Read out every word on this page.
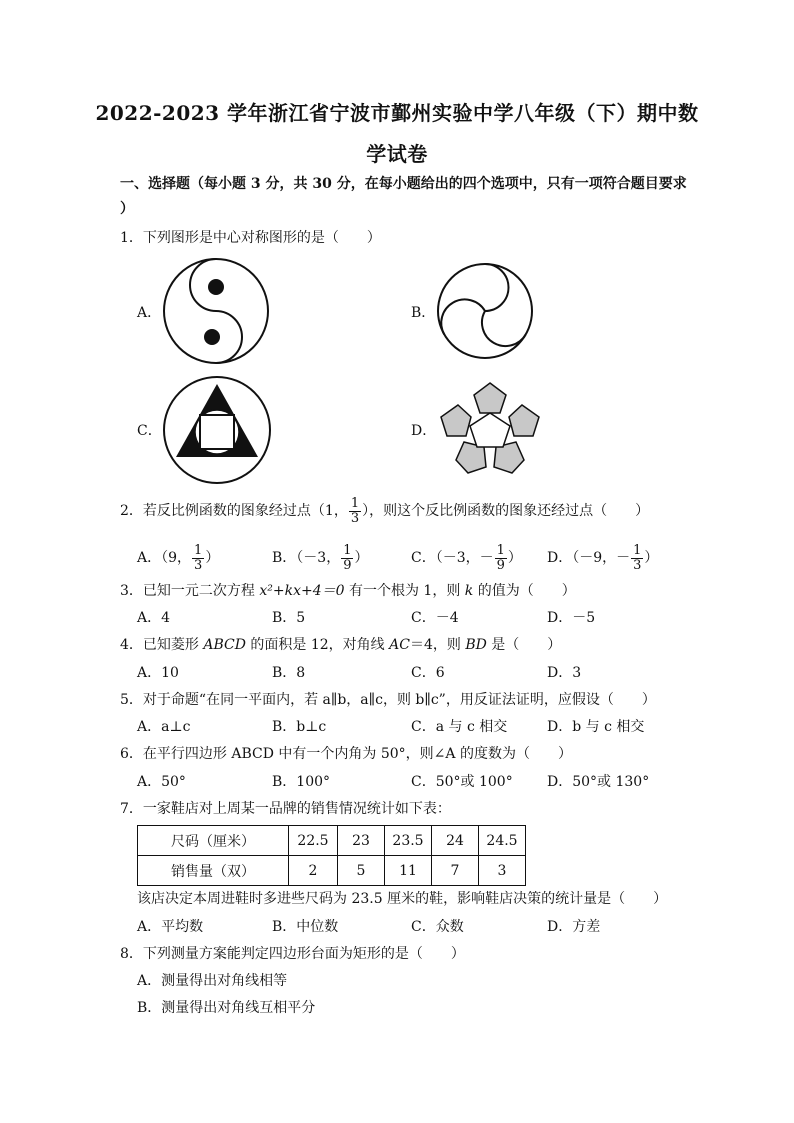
2022-2023 学年浙江省宁波市鄞州实验中学八年级（下）期中数
学试卷
一、选择题（每小题 3 分，共 30 分，在每小题给出的四个选项中，只有一项符合题目要求
）
1．下列图形是中心对称图形的是（　　）
A．	B．
C．	D．
2．若反比例函数的图象经过点（1， $\frac{1}{3}$ ），则这个反比例函数的图象还经过点（　　）
A．（9， $\frac{1}{3}$ ）	B．（－3， $\frac{1}{9}$ ）	C．（－3，－ $\frac{1}{9}$ ） D．（－9，－ $\frac{1}{3}$ ）
3．已知一元二次方程 x²+kx+4＝0 有一个根为 1，则 k 的值为（　　）
A．4	B．5	C．－4	D．－5
4．已知菱形 ABCD 的面积是 12，对角线 AC＝4，则 BD 是（　　）
A．10	B．8	C．6	D．3
5．对于命题“在同一平面内，若 a∥b，a∥c，则 b∥c”，用反证法证明，应假设（　　）
A．a⊥c	B．b⊥c	C．a 与 c 相交	D．b 与 c 相交
6．在平行四边形 ABCD 中有一个内角为 50°，则∠A 的度数为（　　）
A．50°	B．100°	C．50°或 100° D．50°或 130°
7．一家鞋店对上周某一品牌的销售情况统计如下表：
尺码（厘米）	22.5	23	23.5	24	24.5
销售量（双）	2	5	11	7	3
该店决定本周进鞋时多进些尺码为 23.5 厘米的鞋，影响鞋店决策的统计量是（　　）
A．平均数	B．中位数	C．众数	D．方差
8．下列测量方案能判定四边形台面为矩形的是（　　）
A．测量得出对角线相等
B．测量得出对角线互相平分
